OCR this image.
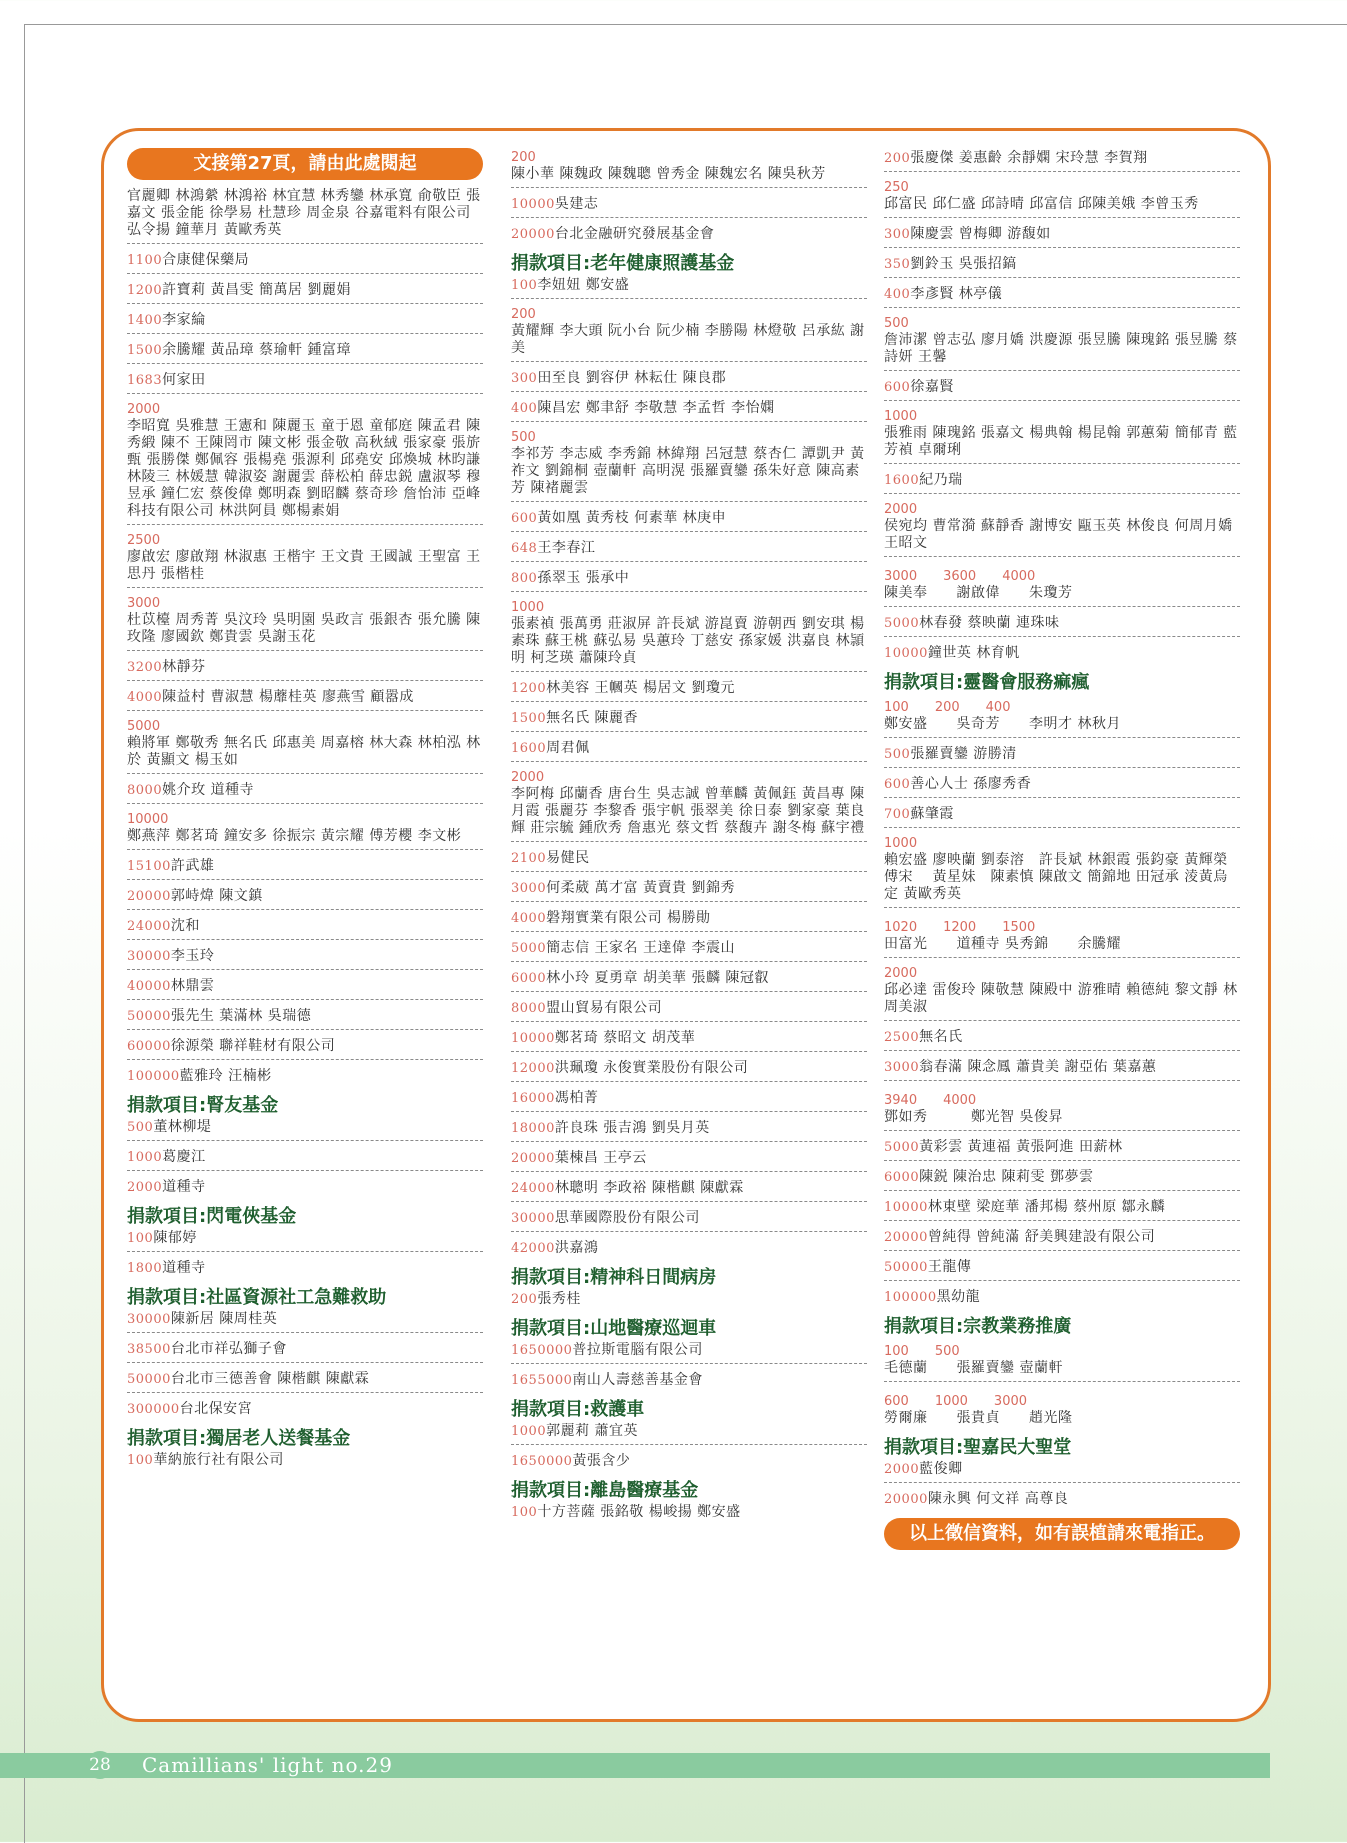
文接第27頁，請由此處閱起
官麗卿 林鴻縈 林鴻裕 林宜慧 林秀鑾 林承寬 俞敬臣 張嘉文 張金能 徐學易 杜慧珍 周金泉 谷嘉電料有限公司 弘令揚 鐘華月 黃歐秀英
1100合康健保藥局
1200許寶莉 黃昌雯 簡萬居 劉麗娟
1400李家綸
1500余騰耀 黃品璋 蔡瑜軒 鍾富璋
1683何家田
2000
李昭寬 吳雅慧 王憲和 陳麗玉 童于恩 童郁庭 陳孟君 陳秀緞 陳不 王陳罔市 陳文彬 張金敬 高秋絨 張家豪 張旂甄 張勝傑 鄭佩容 張楊堯 張源利 邱堯安 邱煥城 林昀謙 林陵三 林媛慧 韓淑姿 謝麗雲 薛松柏 薛忠鋭 盧淑琴 穆昱承 鐘仁宏 蔡俊偉 鄭明森 劉昭麟 蔡奇珍 詹怡沛 亞峰科技有限公司 林洪阿員 鄭楊素娟
2500
廖啟宏 廖啟翔 林淑惠 王楷宇 王文貴 王國誠 王聖富 王思丹 張楷桂
3000
杜苡檯 周秀菁 吳汶玲 吳明園 吳政言 張銀杏 張允騰 陳玫隆 廖國欽 鄭貴雲 吳謝玉花
3200林靜芬
4000陳益村 曹淑慧 楊蘼桂英 廖燕雪 顧嚣成
5000
賴將軍 鄭敬秀 無名氏 邱惠美 周嘉榕 林大森 林柏泓 林於 黃顯文 楊玉如
8000姚介玫 道種寺
10000
鄭燕萍 鄭茗琦 鐘安多 徐振宗 黃宗耀 傅芳櫻 李文彬
15100許武雄
20000郭峙煒 陳文鎮
24000沈和
30000李玉玲
40000林鼎雲
50000張先生 葉滿林 吳瑞德
60000徐源榮 聯祥鞋材有限公司
100000藍雅玲 汪楠彬
捐款項目:腎友基金
500董林柳堤
1000葛慶江
2000道種寺
捐款項目:閃電俠基金
100陳郁婷
1800道種寺
捐款項目:社區資源社工急難救助
30000陳新居 陳周桂英
38500台北市祥弘獅子會
50000台北市三德善會 陳楷麒 陳獻霖
300000台北保安宮
捐款項目:獨居老人送餐基金
100華納旅行社有限公司
200
陳小華 陳魏政 陳魏聰 曾秀金 陳魏宏名 陳吳秋芳
10000吳建志
20000台北金融研究發展基金會
捐款項目:老年健康照護基金
100李妞妞 鄭安盛
200
黃耀輝 李大頭 阮小台 阮少楠 李勝陽 林燈敬 呂承紘 謝美
300田至良 劉容伊 林耘仕 陳良郡
400陳昌宏 鄭聿舒 李敬慧 李孟哲 李怡嫻
500
李祁芳 李志威 李秀錦 林緯翔 呂冠慧 蔡杏仁 譚凱尹 黃祚文 劉錦桐 壺蘭軒 高明滉 張羅賣鑾 孫朱好意 陳高素芳 陳褚麗雲
600黃如凰 黃秀枝 何素華 林庚申
648王李春江
800孫翠玉 張承中
1000
張素禎 張萬勇 莊淑屏 許長斌 游崑賣 游朝西 劉安琪 楊素珠 蘇王桃 蘇弘易 吳蕙玲 丁慈安 孫家媛 洪嘉良 林頴明 柯芝瑛 蕭陳玲貞
1200林美容 王幗英 楊居文 劉瓊元
1500無名氏 陳麗香
1600周君佩
2000
李阿梅 邱蘭香 唐台生 吳志誠 曾華麟 黃佩鈺 黃昌專 陳月霞 張麗芬 李黎香 張宇帆 張翠美 徐日泰 劉家豪 葉良輝 莊宗毓 鍾欣秀 詹惠光 蔡文哲 蔡馥卉 謝冬梅 蘇宇禮
2100易健民
3000何柔葳 萬才富 黃賣貴 劉錦秀
4000磐翔實業有限公司 楊勝勛
5000簡志信 王家名 王達偉 李震山
6000林小玲 夏勇章 胡美華 張麟 陳冠叡
8000盟山貿易有限公司
10000鄭茗琦 蔡昭文 胡茂華
12000洪珮瓊 永俊實業股份有限公司
16000馮柏菁
18000許良珠 張吉鴻 劉吳月英
20000葉棟昌 王亭云
24000林聰明 李政裕 陳楷麒 陳獻霖
30000思華國際股份有限公司
42000洪嘉鴻
捐款項目:精神科日間病房
200張秀桂
捐款項目:山地醫療巡迴車
1650000普拉斯電腦有限公司
1655000南山人壽慈善基金會
捐款項目:救護車
1000郭麗莉 蕭宜英
1650000黃張含少
捐款項目:離島醫療基金
100十方菩薩 張銘敬 楊峻揚 鄭安盛
200張慶傑 姜惠齡 余靜嫻 宋玲慧 李賀翔
250
邱富民 邱仁盛 邱詩晴 邱富信 邱陳美娥 李曾玉秀
300陳慶雲 曾梅卿 游馥如
350劉鈴玉 吳張招鎬
400李彥賢 林亭儀
500
詹沛潔 曾志弘 廖月嬌 洪慶源 張昱騰 陳瑰銘 張昱騰 蔡詩妍 王馨
600徐嘉賢
1000
張雅雨 陳瑰銘 張嘉文 楊典翰 楊昆翰 郭蕙菊 簡郁青 藍芳禎 卓爾琍
1600紀乃瑞
2000
侯宛均 曹常漪 蘇靜香 謝博安 甌玉英 林俊良 何周月嬌 王昭文
3000 3600 4000
陳美奉　　謝啟偉　　朱瓊芳
5000林春發 蔡映蘭 連珠味
10000鐘世英 林育帆
捐款項目:靈醫會服務痲瘋
100 200 400
鄭安盛　　吳奇芳　　李明才 林秋月
500張羅賣鑾 游勝清
600善心人士 孫廖秀香
700蘇肇霞
1000
賴宏盛 廖映蘭 劉泰溶　許長斌 林銀霞 張鈞豪 黃輝榮 傅宋　 黃星妹　陳素慎 陳啟文 簡錦地 田冠承 淩黃烏定 黃歐秀英
1020 1200 1500
田富光　　道種寺 吳秀錦　　余騰耀
2000
邱必達 雷俊玲 陳敬慧 陳殿中 游雅晴 賴德純 黎文靜 林周美淑
2500無名氏
3000翁春滿 陳念鳳 蕭貴美 謝亞佑 葉嘉蕙
3940 4000
鄧如秀　　　鄭光智 吳俊昇
5000黃彩雲 黃連福 黃張阿進 田薪林
6000陳鋭 陳治忠 陳莉雯 鄧夢雲
10000林東壁 梁庭華 潘邦楊 蔡州原 鄒永麟
20000曾純得 曾純滿 舒美興建設有限公司
50000王龍傳
100000黑幼龍
捐款項目:宗教業務推廣
100 500
毛德蘭　　張羅賣鑾 壺蘭軒
600 1000 3000
勞爾廉　　張貴貞　　趙光隆
捐款項目:聖嘉民大聖堂
2000藍俊卿
20000陳永興 何文祥 高尊良
以上徵信資料，如有誤植請來電指正。
28 Camillians' light no.29
